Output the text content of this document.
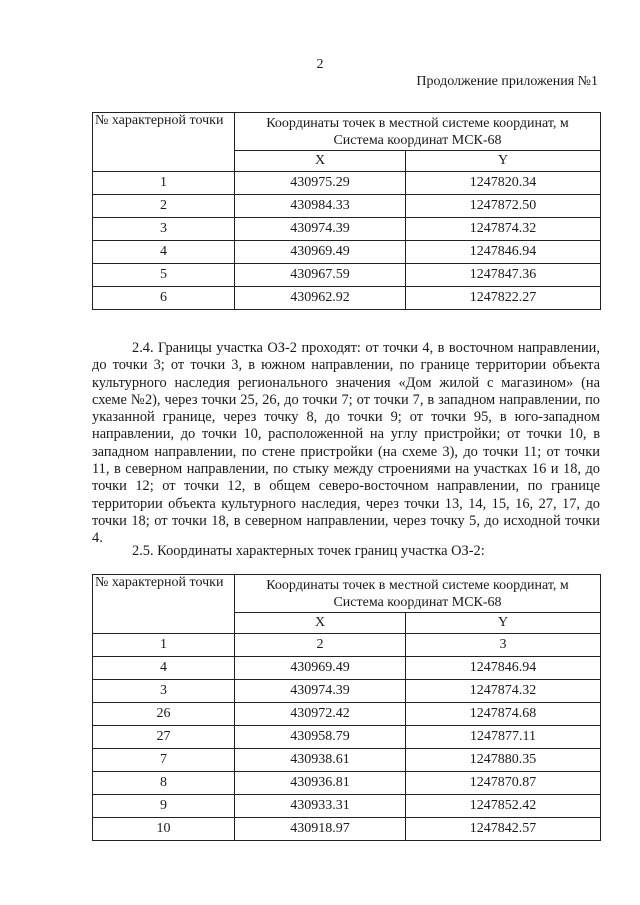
2
Продолжение приложения №1
№ характерной точки	Координаты точек в местной системе координат, м
Система координат МСК-68	

	X	Y
1	430975.29	1247820.34
2	430984.33	1247872.50
3	430974.39	1247874.32
4	430969.49	1247846.94
5	430967.59	1247847.36
6	430962.92	1247822.27

2.4. Границы участка ОЗ-2 проходят: от точки 4, в восточном направлении, до точки 3; от точки 3, в южном направлении, по границе территории объекта культурного наследия регионального значения «Дом жилой с магазином» (на схеме №2), через точки 25, 26, до точки 7; от точки 7, в западном направлении, по указанной границе, через точку 8, до точки 9; от точки 95, в юго-западном направлении, до точки 10, расположенной на углу пристройки; от точки 10, в западном направлении, по стене пристройки (на схеме 3), до точки 11; от точки 11, в северном направлении, по стыку между строениями на участках 16 и 18, до точки 12; от точки 12, в общем северо-восточном направлении, по границе территории объекта культурного наследия, через точки 13, 14, 15, 16, 27, 17, до точки 18; от точки 18, в северном направлении, через точку 5, до исходной точки 4.

2.5. Координаты характерных точек границ участка ОЗ-2:

№ характерной точки	Координаты точек в местной системе координат, м
Система координат МСК-68	

	X	Y
1	2	3
4	430969.49	1247846.94
3	430974.39	1247874.32
26	430972.42	1247874.68
27	430958.79	1247877.11
7	430938.61	1247880.35
8	430936.81	1247870.87
9	430933.31	1247852.42
10	430918.97	1247842.57
